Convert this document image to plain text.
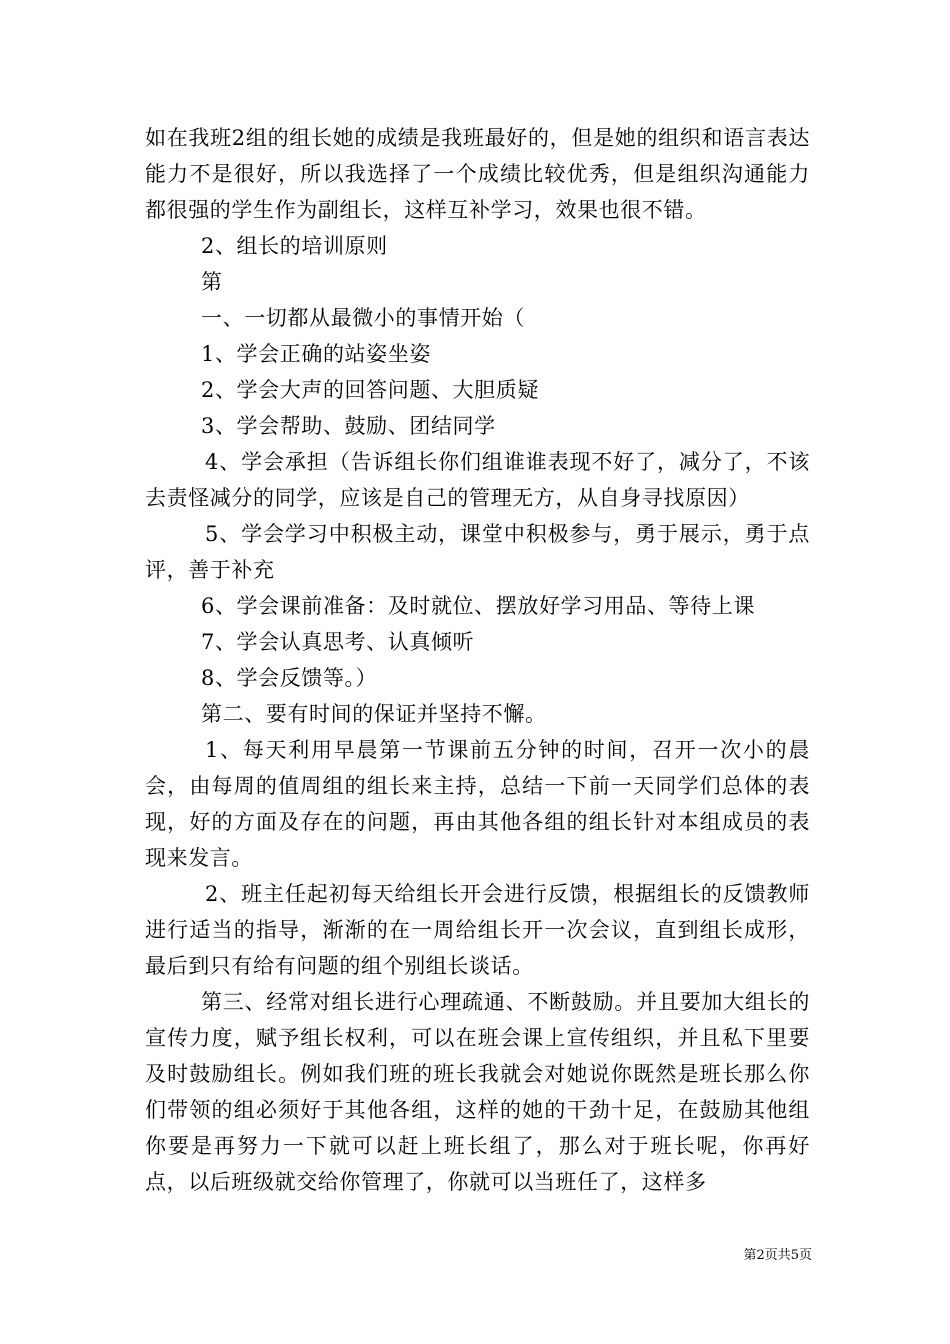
如在我班2组的组长她的成绩是我班最好的，但是她的组织和语言表达能力不是很好，所以我选择了一个成绩比较优秀，但是组织沟通能力都很强的学生作为副组长，这样互补学习，效果也很不错。

2、组长的培训原则

第

一、一切都从最微小的事情开始（

1、学会正确的站姿坐姿

2、学会大声的回答问题、大胆质疑

3、学会帮助、鼓励、团结同学

4、学会承担（告诉组长你们组谁谁表现不好了，减分了，不该去责怪减分的同学，应该是自己的管理无方，从自身寻找原因）

5、学会学习中积极主动，课堂中积极参与，勇于展示，勇于点评，善于补充

6、学会课前准备：及时就位、摆放好学习用品、等待上课

7、学会认真思考、认真倾听

8、学会反馈等。）

第二、要有时间的保证并坚持不懈。

1、每天利用早晨第一节课前五分钟的时间，召开一次小的晨会，由每周的值周组的组长来主持，总结一下前一天同学们总体的表现，好的方面及存在的问题，再由其他各组的组长针对本组成员的表现来发言。

2、班主任起初每天给组长开会进行反馈，根据组长的反馈教师进行适当的指导，渐渐的在一周给组长开一次会议，直到组长成形，最后到只有给有问题的组个别组长谈话。

第三、经常对组长进行心理疏通、不断鼓励。并且要加大组长的宣传力度，赋予组长权利，可以在班会课上宣传组织，并且私下里要及时鼓励组长。例如我们班的班长我就会对她说你既然是班长那么你们带领的组必须好于其他各组，这样的她的干劲十足，在鼓励其他组你要是再努力一下就可以赶上班长组了，那么对于班长呢，你再好点，以后班级就交给你管理了，你就可以当班任了，这样多

第2页共5页
